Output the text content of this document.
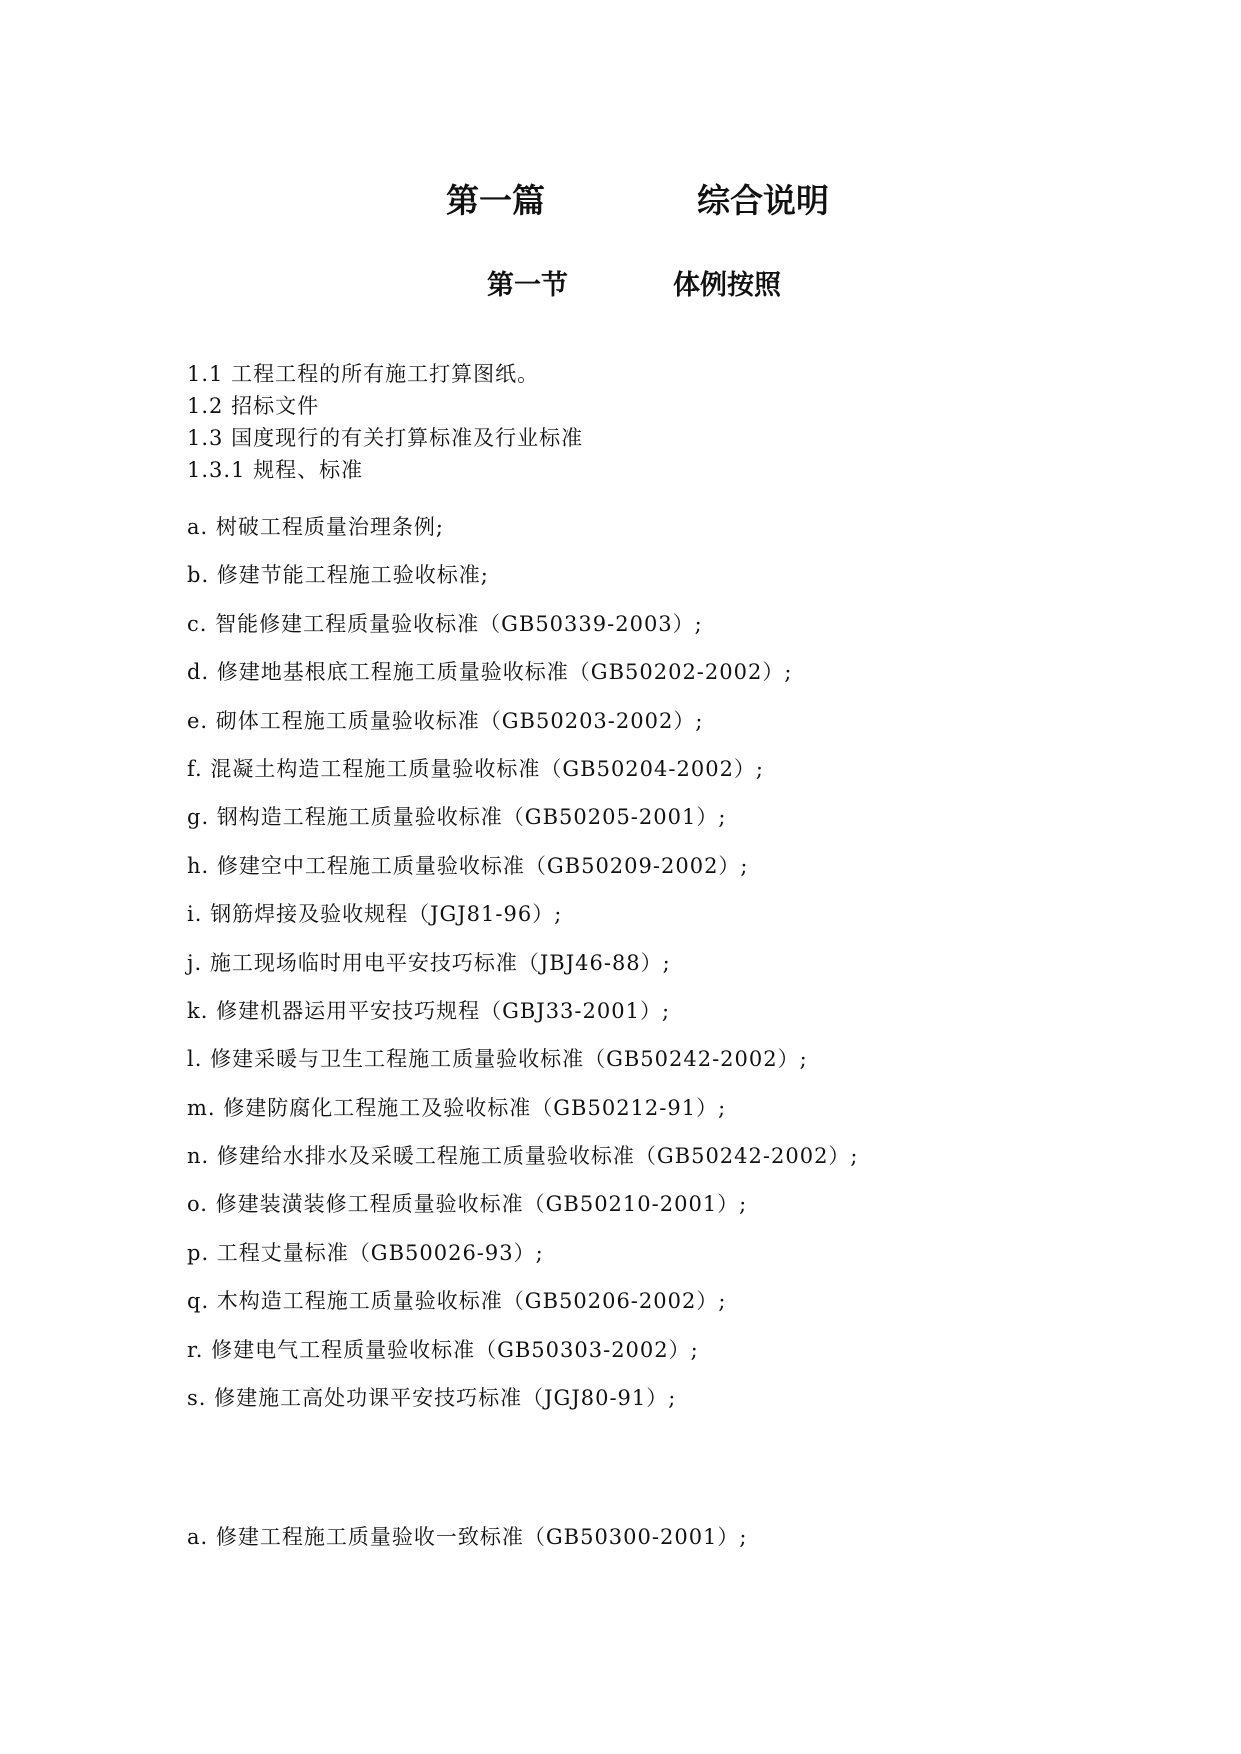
第一篇	综合说明
第一节	体例按照
1.1 工程工程的所有施工打算图纸。
1.2 招标文件
1.3 国度现行的有关打算标准及行业标准
1.3.1 规程、标准
a. 树破工程质量治理条例;
b. 修建节能工程施工验收标准;
c. 智能修建工程质量验收标准（GB50339-2003）;
d. 修建地基根底工程施工质量验收标准（GB50202-2002）;
e. 砌体工程施工质量验收标准（GB50203-2002）;
f. 混凝土构造工程施工质量验收标准（GB50204-2002）;
g. 钢构造工程施工质量验收标准（GB50205-2001）;
h. 修建空中工程施工质量验收标准（GB50209-2002）;
i. 钢筋焊接及验收规程（JGJ81-96）;
j. 施工现场临时用电平安技巧标准（JBJ46-88）;
k. 修建机器运用平安技巧规程（GBJ33-2001）;
l. 修建采暖与卫生工程施工质量验收标准（GB50242-2002）;
m. 修建防腐化工程施工及验收标准（GB50212-91）;
n. 修建给水排水及采暖工程施工质量验收标准（GB50242-2002）;
o. 修建装潢装修工程质量验收标准（GB50210-2001）;
p. 工程丈量标准（GB50026-93）;
q. 木构造工程施工质量验收标准（GB50206-2002）;
r. 修建电气工程质量验收标准（GB50303-2002）;
s. 修建施工高处功课平安技巧标准（JGJ80-91）;
a. 修建工程施工质量验收一致标准（GB50300-2001）;
